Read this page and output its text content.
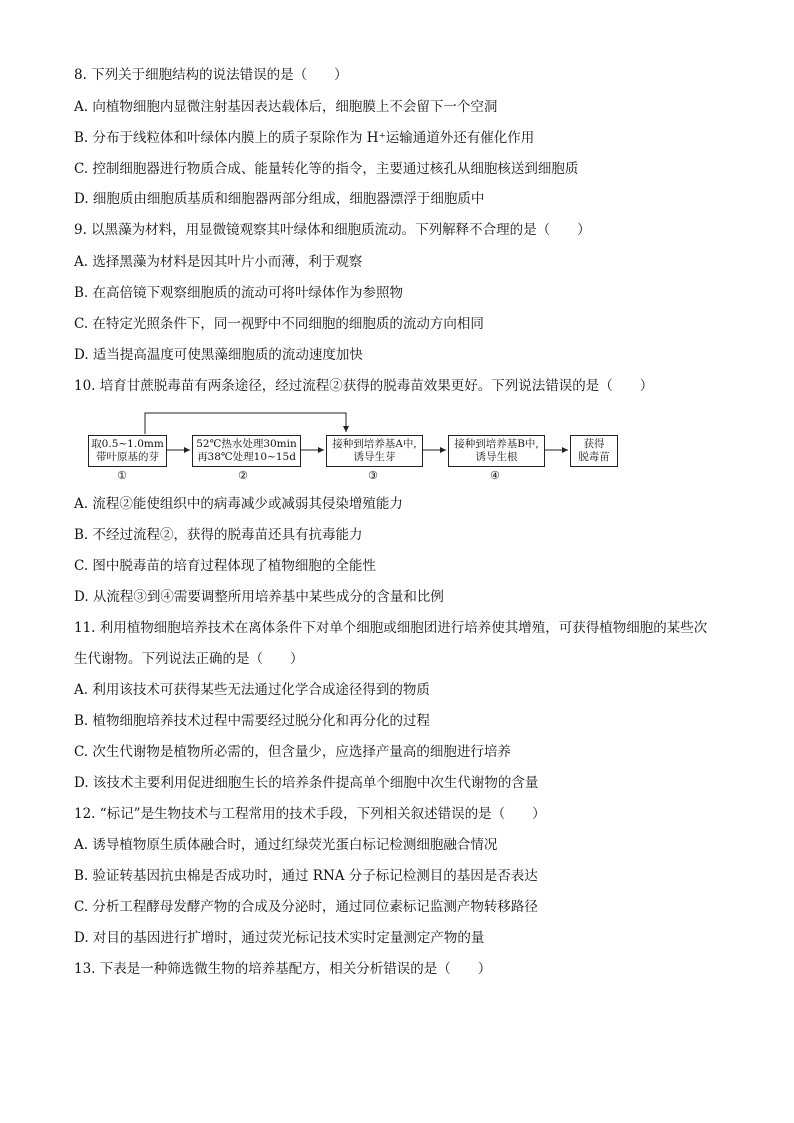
8. 下列关于细胞结构的说法错误的是（　　）
A. 向植物细胞内显微注射基因表达载体后，细胞膜上不会留下一个空洞
B. 分布于线粒体和叶绿体内膜上的质子泵除作为 H⁺运输通道外还有催化作用
C. 控制细胞器进行物质合成、能量转化等的指令，主要通过核孔从细胞核送到细胞质
D. 细胞质由细胞质基质和细胞器两部分组成，细胞器漂浮于细胞质中
9. 以黑藻为材料，用显微镜观察其叶绿体和细胞质流动。下列解释不合理的是（　　）
A. 选择黑藻为材料是因其叶片小而薄，利于观察
B. 在高倍镜下观察细胞质的流动可将叶绿体作为参照物
C. 在特定光照条件下，同一视野中不同细胞的细胞质的流动方向相同
D. 适当提高温度可使黑藻细胞质的流动速度加快
10. 培育甘蔗脱毒苗有两条途径，经过流程②获得的脱毒苗效果更好。下列说法错误的是（　　）
取0.5~1.0mm
带叶原基的芽
52℃热水处理30min
再38℃处理10~15d
接种到培养基A中,
诱导生芽
接种到培养基B中,
诱导生根
获得
脱毒苗
①	②	③	④
A. 流程②能使组织中的病毒减少或减弱其侵染增殖能力
B. 不经过流程②，获得的脱毒苗还具有抗毒能力
C. 图中脱毒苗的培育过程体现了植物细胞的全能性
D. 从流程③到④需要调整所用培养基中某些成分的含量和比例
11. 利用植物细胞培养技术在离体条件下对单个细胞或细胞团进行培养使其增殖，可获得植物细胞的某些次
生代谢物。下列说法正确的是（　　）
A. 利用该技术可获得某些无法通过化学合成途径得到的物质
B. 植物细胞培养技术过程中需要经过脱分化和再分化的过程
C. 次生代谢物是植物所必需的，但含量少，应选择产量高的细胞进行培养
D. 该技术主要利用促进细胞生长的培养条件提高单个细胞中次生代谢物的含量
12. “标记”是生物技术与工程常用的技术手段，下列相关叙述错误的是（　　）
A. 诱导植物原生质体融合时，通过红绿荧光蛋白标记检测细胞融合情况
B. 验证转基因抗虫棉是否成功时，通过 RNA 分子标记检测目的基因是否表达
C. 分析工程酵母发酵产物的合成及分泌时，通过同位素标记监测产物转移路径
D. 对目的基因进行扩增时，通过荧光标记技术实时定量测定产物的量
13. 下表是一种筛选微生物的培养基配方，相关分析错误的是（　　）
